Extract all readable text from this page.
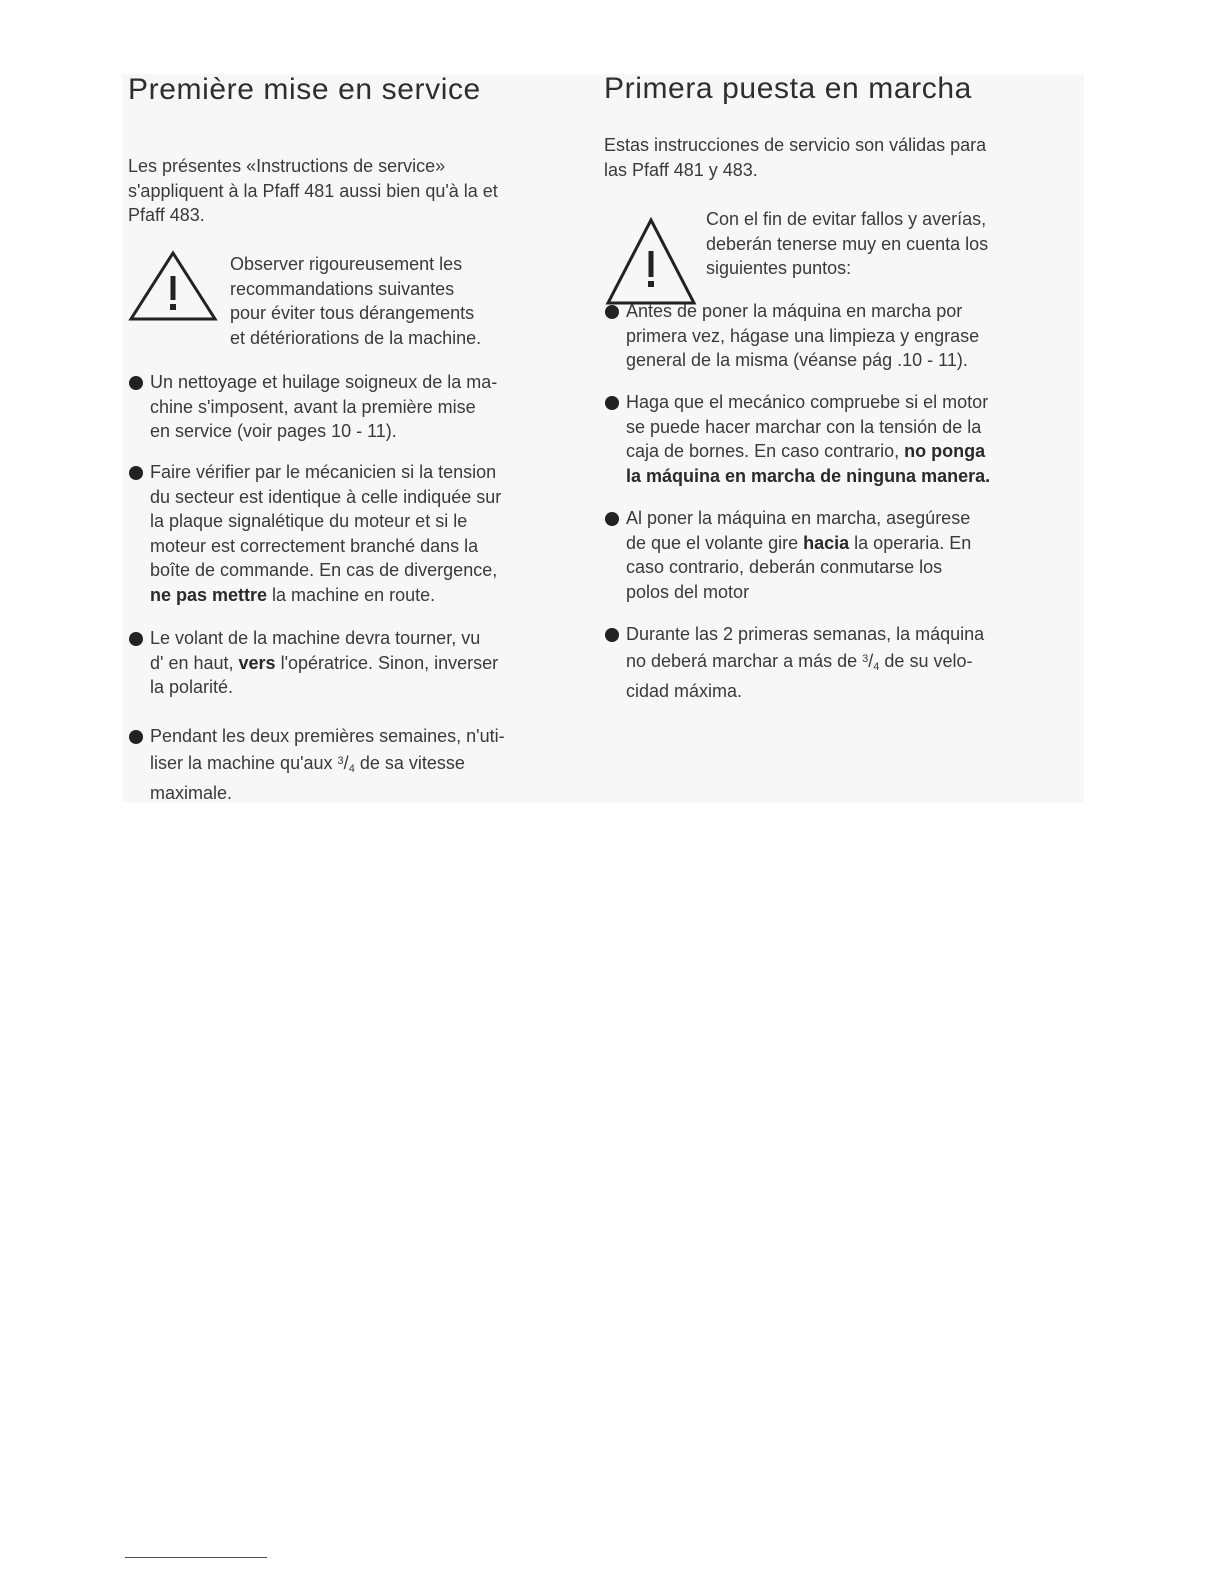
Première mise en service

Les présentes «Instructions de service»
s'appliquent à la Pfaff 481 aussi bien qu'à la et
Pfaff 483.

Observer rigoureusement les
recommandations suivantes
pour éviter tous dérangements
et détériorations de la machine.

Un nettoyage et huilage soigneux de la ma-
chine s'imposent, avant la première mise
en service (voir pages 10 - 11).
Faire vérifier par le mécanicien si la tension
du secteur est identique à celle indiquée sur
la plaque signalétique du moteur et si le
moteur est correctement branché dans la
boîte de commande. En cas de divergence,
ne pas mettre la machine en route.
Le volant de la machine devra tourner, vu
d' en haut, vers l'opératrice. Sinon, inverser
la polarité.
Pendant les deux premières semaines, n'uti-
liser la machine qu'aux $^3/_4$ de sa vitesse
maximale.
Primera puesta en marcha

Estas instrucciones de servicio son válidas para
las Pfaff 481 y 483.

Con el fin de evitar fallos y averías,
deberán tenerse muy en cuenta los
siguientes puntos:

Antes de poner la máquina en marcha por
primera vez, hágase una limpieza y engrase
general de la misma (véanse pág .10 - 11).
Haga que el mecánico compruebe si el motor
se puede hacer marchar con la tensión de la
caja de bornes. En caso contrario, no ponga
la máquina en marcha de ninguna manera.
Al poner la máquina en marcha, asegúrese
de que el volante gire hacia la operaria. En
caso contrario, deberán conmutarse los
polos del motor
Durante las 2 primeras semanas, la máquina
no deberá marchar a más de $^3/_4$ de su velo-
cidad máxima.
